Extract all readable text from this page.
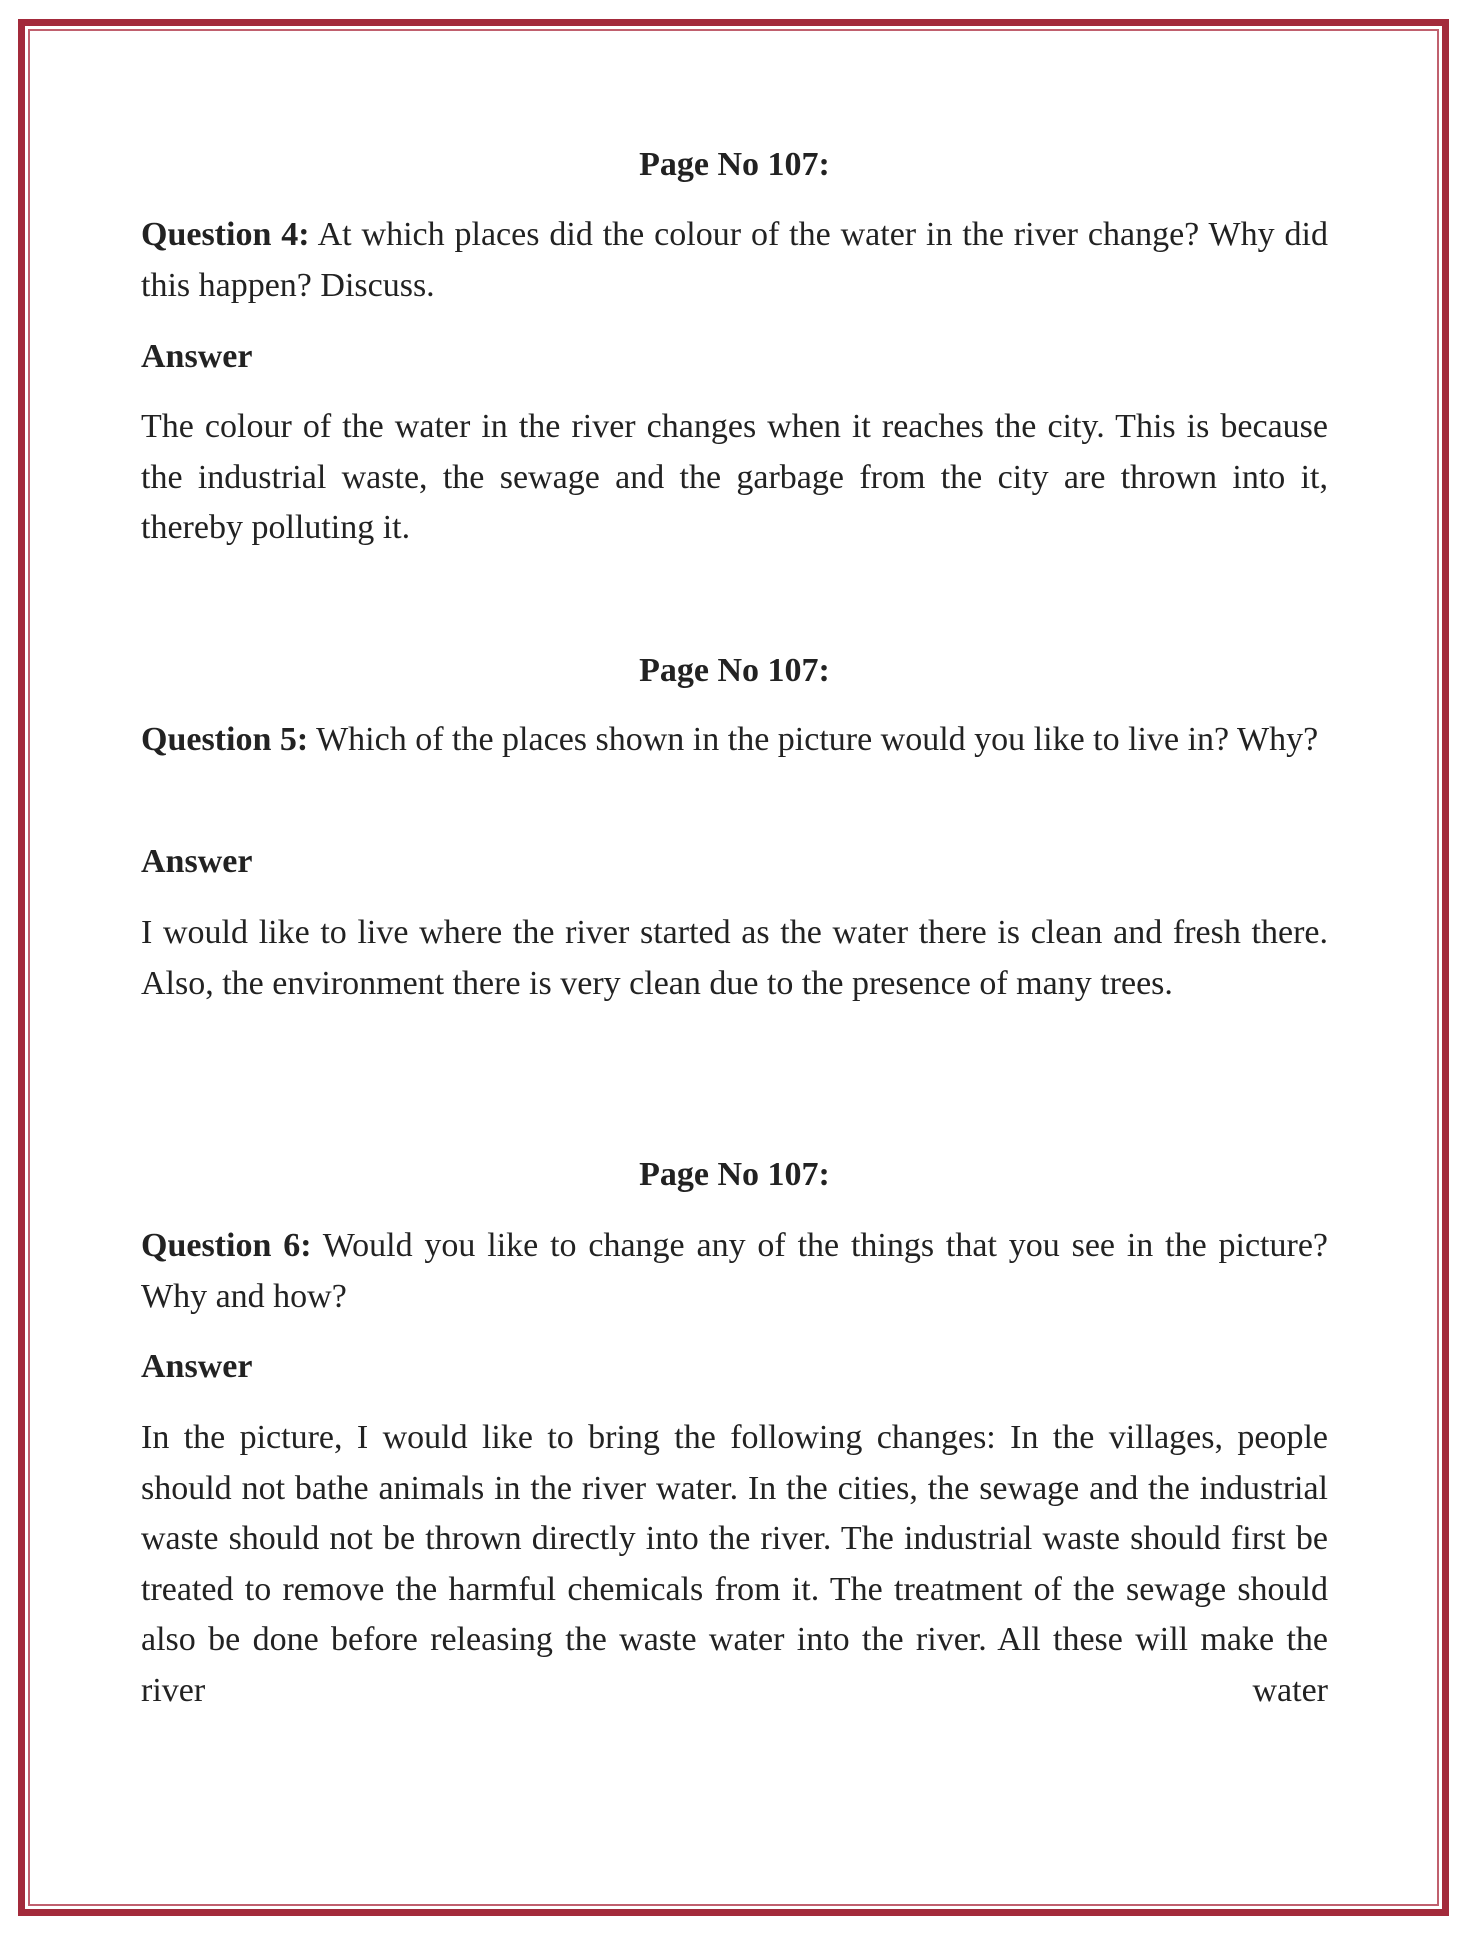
Page No 107:
Question 4: At which places did the colour of the water in the river change? Why did this happen? Discuss.
Answer
The colour of the water in the river changes when it reaches the city. This is because the industrial waste, the sewage and the garbage from the city are thrown into it, thereby polluting it.
Page No 107:
Question 5: Which of the places shown in the picture would you like to live in? Why?
Answer
I would like to live where the river started as the water there is clean and fresh there. Also, the environment there is very clean due to the presence of many trees.
Page No 107:
Question 6: Would you like to change any of the things that you see in the picture? Why and how?
Answer
In the picture, I would like to bring the following changes: In the villages, people should not bathe animals in the river water. In the cities, the sewage and the industrial waste should not be thrown directly into the river. The industrial waste should first be treated to remove the harmful chemicals from it. The treatment of the sewage should also be done before releasing the waste water into the river. All these will make the river water
